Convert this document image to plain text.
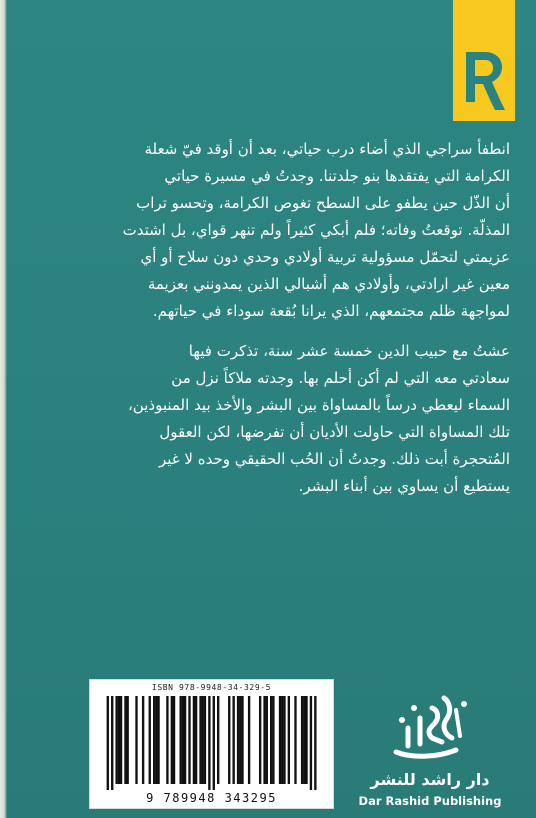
انطفأ سراجي الذي أضاء درب حياتي، بعد أن أوقد فيّ شعلة
الكرامة التي يفتقدها بنو جلدتنا. وجدتُ في مسيرة حياتي
أن الذّل حين يطفو على السطح تغوص الكرامة، وتحسو تراب
المذلّة. توقعتُ وفاته؛ فلم أبكي كثيراً ولم تنهر قواي، بل اشتدت
عزيمتي لتحمّل مسؤولية تربية أولادي وحدي دون سلاح أو أي
معين غير ارادتي، وأولادي هم أشبالي الذين يمدونني بعزيمة
لمواجهة ظلم مجتمعهم، الذي يرانا بُقعة سوداء في حياتهم.

عشتُ مع حبيب الدين خمسة عشر سنة، تذكرت فيها
سعادتي معه التي لم أكن أحلم بها. وجدته ملاكاً نزل من
السماء ليعطي درساً بالمساواة بين البشر والأخذ بيد المنبوذين،
تلك المساواة التي حاولت الأديان أن تفرضها، لكن العقول
المُتحجرة أبت ذلك. وجدتُ أن الحُب الحقيقي وحده لا غير
يستطيع أن يساوي بين أبناء البشر.

ISBN 978-9948-34-329-5
9 789948 343295
دار راشد للنشر
Dar Rashid Publishing
